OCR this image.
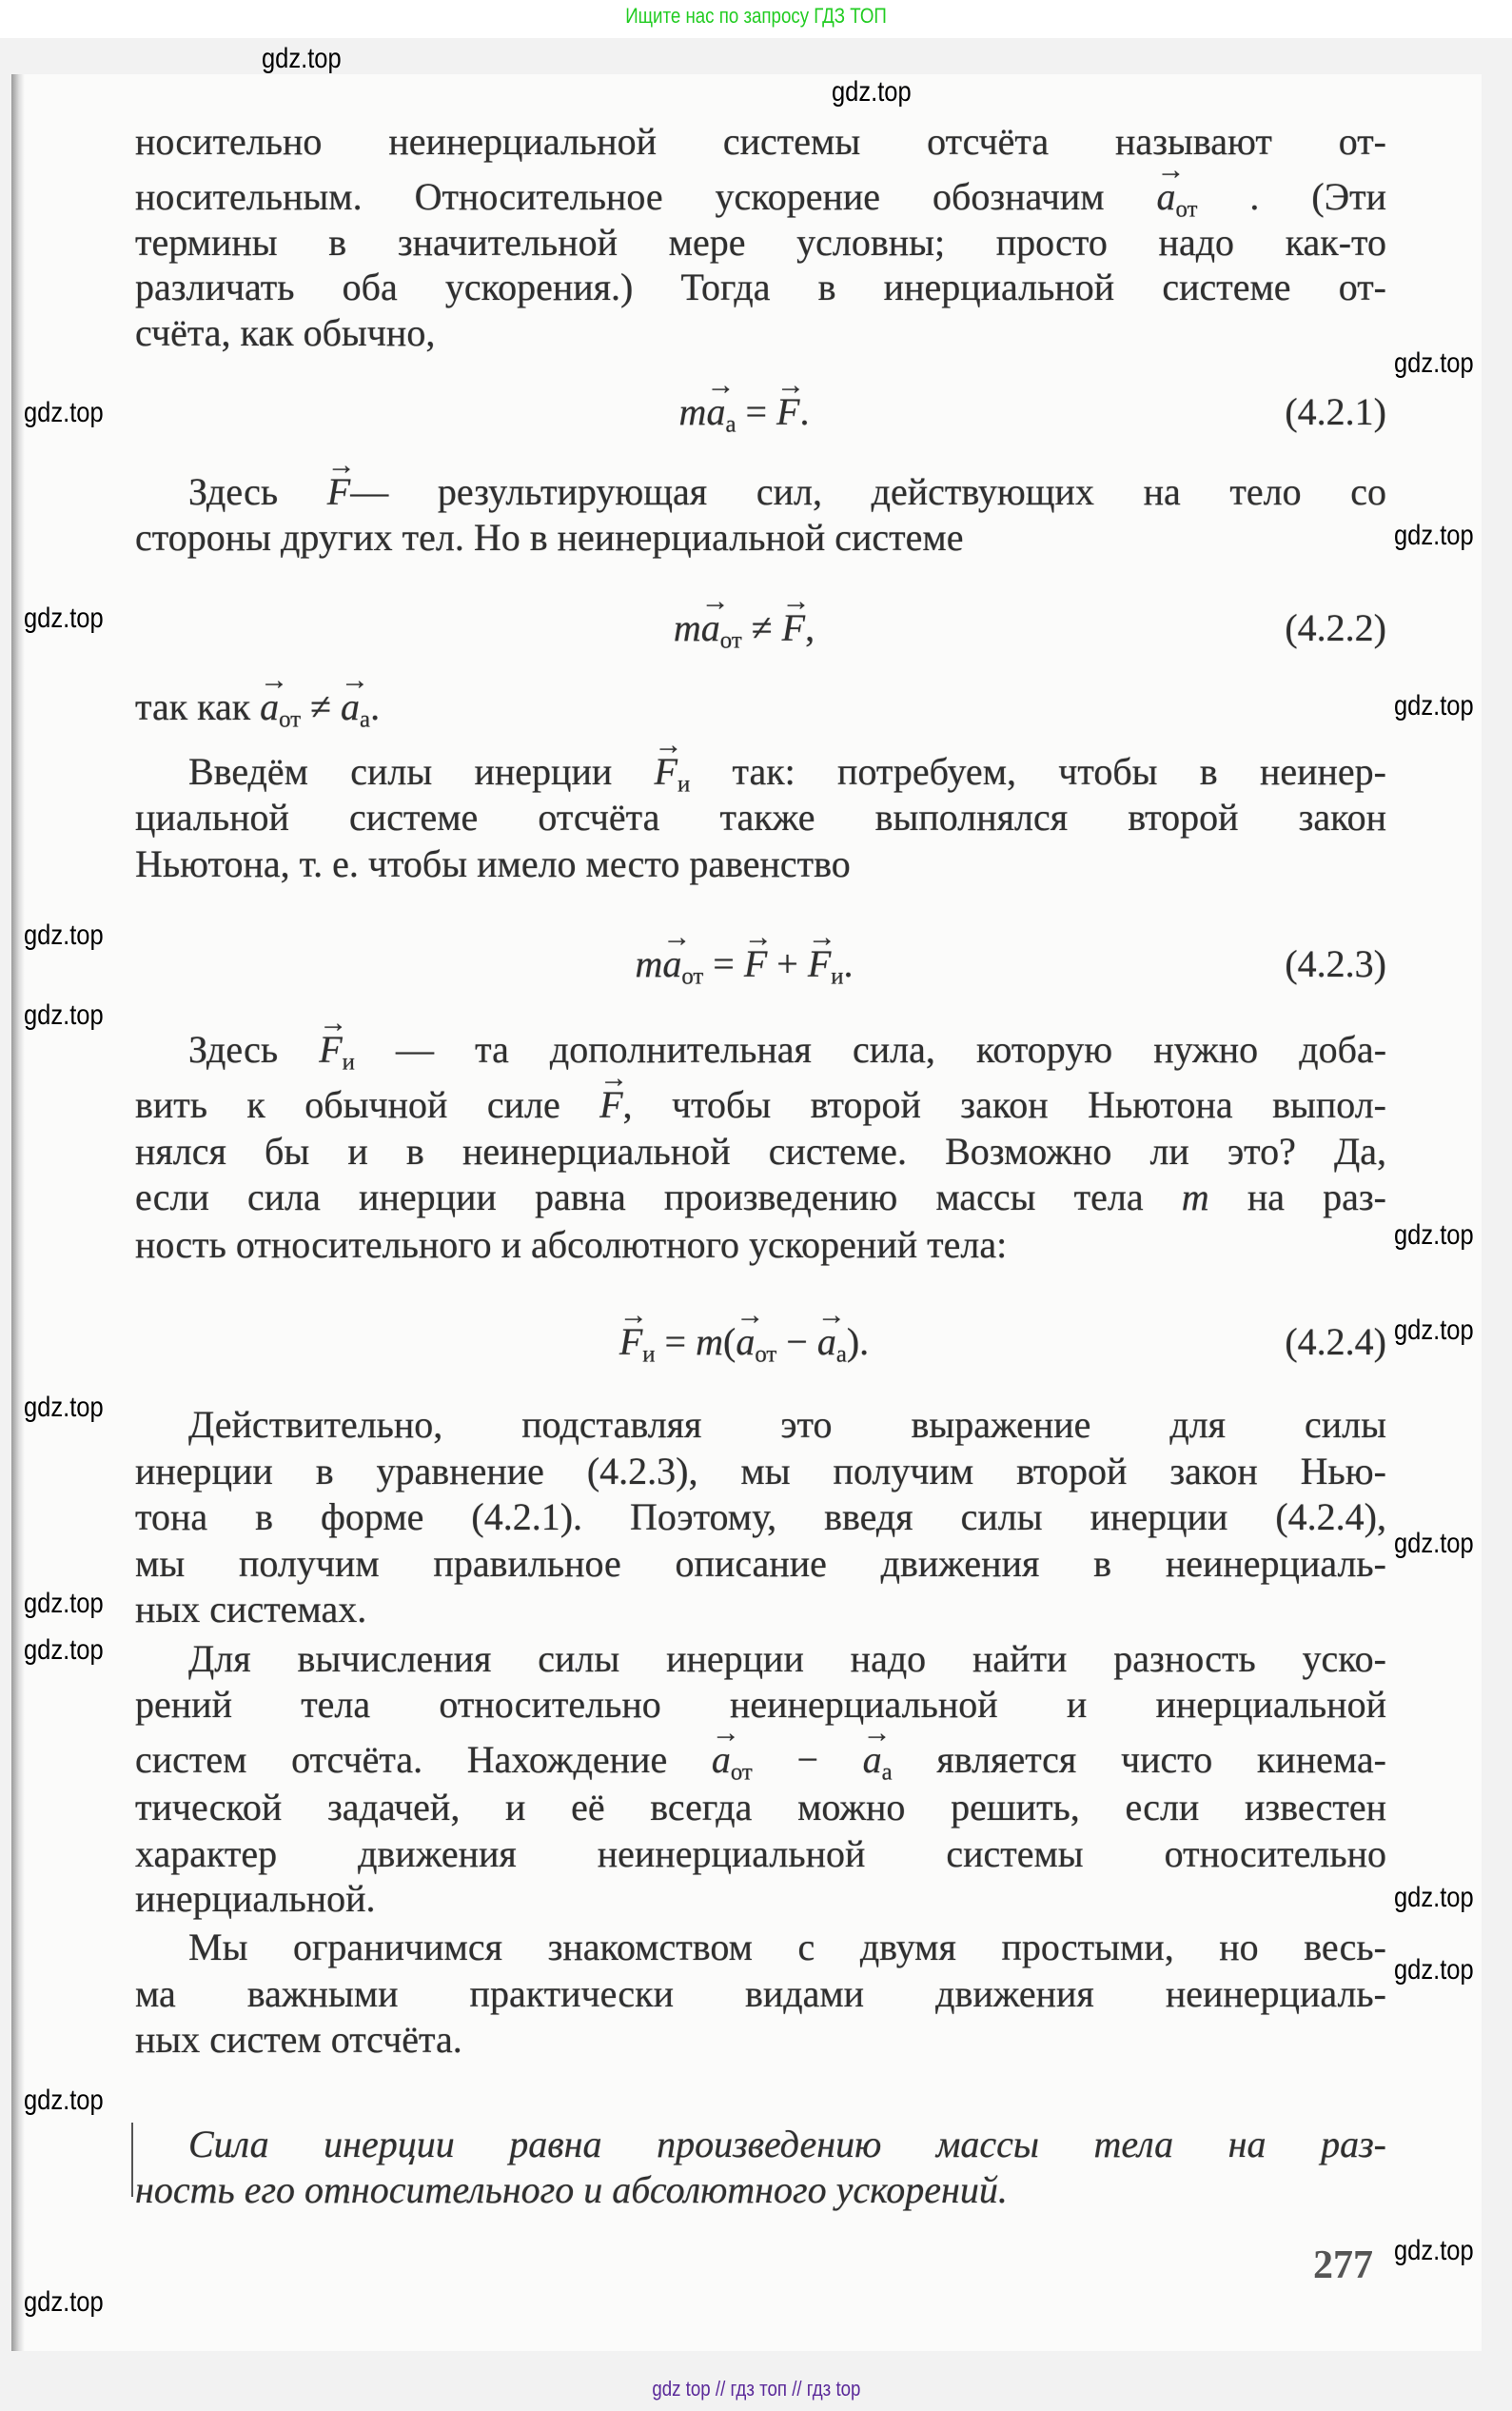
Ищите нас по запросу ГДЗ ТОП
носительно неинерциальной системы отсчёта называют от-
носительным. Относительное ускорение обозначим → $a_{от}$ . (Эти
термины в значительной мере условны; просто надо как-то
различать оба ускорения.) Тогда в инерциальной системе от-
счёта, как обычно,
$m\to a_а$ = → F.	(4.2.1)
Здесь → F— результирующая сил, действующих на тело со
стороны других тел. Но в неинерциальной системе
$m\to a_{от}$ ≠ → F,	(4.2.2)
так как → $a_{от}$ ≠ → $a_а$.
Введём силы инерции → $F_и$ так: потребуем, чтобы в неинер-
циальной системе отсчёта также выполнялся второй закон
Ньютона, т. е. чтобы имело место равенство
$m\to a_{от}$ = → F + → $F_и$.	(4.2.3)
Здесь → $F_и$ — та дополнительная сила, которую нужно доба-
вить к обычной силе → F, чтобы второй закон Ньютона выпол-
нялся бы и в неинерциальной системе. Возможно ли это? Да,
если сила инерции равна произведению массы тела m на раз-
ность относительного и абсолютного ускорений тела:
→ $F_и = m(\to a_{от}$ − → $a_а$).	(4.2.4)
Действительно, подставляя это выражение для силы
инерции в уравнение (4.2.3), мы получим второй закон Нью-
тона в форме (4.2.1). Поэтому, введя силы инерции (4.2.4),
мы получим правильное описание движения в неинерциаль-
ных системах.
Для вычисления силы инерции надо найти разность уско-
рений тела относительно неинерциальной и инерциальной
систем отсчёта. Нахождение → $a_{от}$ − → $a_а$ является чисто кинема-
тической задачей, и её всегда можно решить, если известен
характер движения неинерциальной системы относительно
инерциальной.
Мы ограничимся знакомством с двумя простыми, но весь-
ма важными практически видами движения неинерциаль-
ных систем отсчёта.
Сила инерции равна произведению массы тела на раз-
ность его относительного и абсолютного ускорений.
277
gdz.top
gdz.top
gdz.top
gdz.top
gdz.top
gdz.top
gdz.top
gdz.top
gdz.top
gdz.top
gdz.top
gdz.top
gdz.top
gdz.top
gdz.top
gdz.top
gdz.top
gdz.top
gdz.top
gdz.top
gdz top // гдз топ // гдз top
